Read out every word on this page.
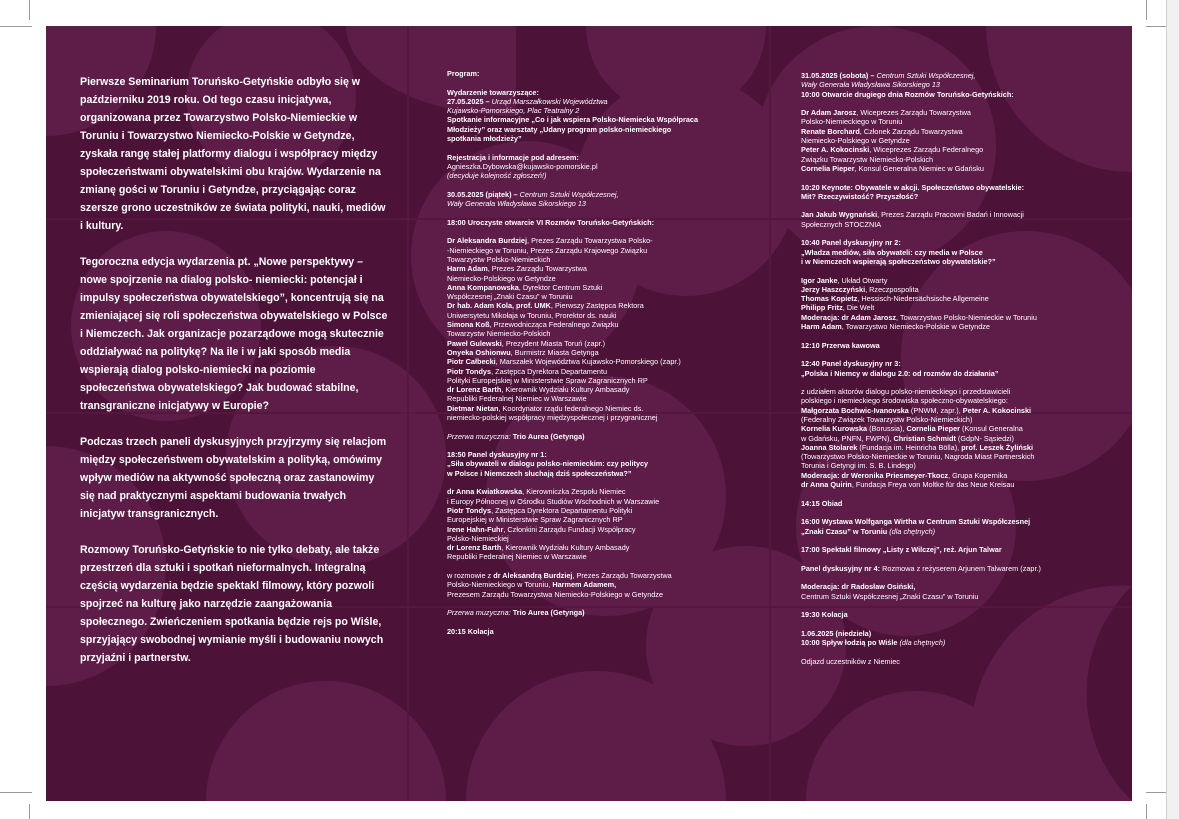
Pierwsze Seminarium Toruńsko-Getyńskie odbyło się w październiku 2019 roku. Od tego czasu inicjatywa, organizowana przez Towarzystwo Polsko-Niemieckie w Toruniu i Towarzystwo Niemiecko-Polskie w Getyndze, zyskała rangę stałej platformy dialogu i współpracy między społeczeństwami obywatelskimi obu krajów. Wydarzenie na zmianę gości w Toruniu i Getyndze, przyciągając coraz szersze grono uczestników ze świata polityki, nauki, mediów i kultury.

Tegoroczna edycja wydarzenia pt. „Nowe perspektywy – nowe spojrzenie na dialog polsko- niemiecki: potencjał i impulsy społeczeństwa obywatelskiego”, koncentrują się na zmieniającej się roli społeczeństwa obywatelskiego w Polsce i Niemczech. Jak organizacje pozarządowe mogą skutecznie oddziaływać na politykę? Na ile i w jaki sposób media wspierają dialog polsko-niemiecki na poziomie społeczeństwa obywatelskiego? Jak budować stabilne, transgraniczne inicjatywy w Europie?

Podczas trzech paneli dyskusyjnych przyjrzymy się relacjom między społeczeństwem obywatelskim a polityką, omówimy wpływ mediów na aktywność społeczną oraz zastanowimy się nad praktycznymi aspektami budowania trwałych inicjatyw transgranicznych.

Rozmowy Toruńsko-Getyńskie to nie tylko debaty, ale także przestrzeń dla sztuki i spotkań nieformalnych. Integralną częścią wydarzenia będzie spektakl filmowy, który pozwoli spojrzeć na kulturę jako narzędzie zaangażowania społecznego. Zwieńczeniem spotkania będzie rejs po Wiśle, sprzyjający swobodnej wymianie myśli i budowaniu nowych przyjaźni i partnerstw.

Program:
Wydarzenie towarzyszące:
27.05.2025 – Urząd Marszałkowski Województwa
Kujawsko-Pomorskiego, Plac Teatralny 2
Spotkanie informacyjne „Co i jak wspiera Polsko-Niemiecka Współpraca
Młodzieży” oraz warsztaty „Udany program polsko-niemieckiego
spotkania młodzieży”
Rejestracja i informacje pod adresem:
Agnieszka.Dybowska@kujawsko-pomorskie.pl
(decyduje kolejność zgłoszeń!)
30.05.2025 (piątek) – Centrum Sztuki Współczesnej,
Wały Generała Władysława Sikorskiego 13
18:00 Uroczyste otwarcie VI Rozmów Toruńsko-Getyńskich:
Dr Aleksandra Burdziej, Prezes Zarządu Towarzystwa Polsko-
-Niemieckiego w Toruniu, Prezes Zarządu Krajowego Związku
Towarzystw Polsko-Niemieckich
Harm Adam, Prezes Zarządu Towarzystwa
Niemiecko-Polskiego w Getyndze
Anna Kompanowska, Dyrektor Centrum Sztuki
Współczesnej „Znaki Czasu” w Toruniu
Dr hab. Adam Kola, prof. UMK, Pierwszy Zastępca Rektora
Uniwersytetu Mikołaja w Toruniu, Prorektor ds. nauki
Simona Koß, Przewodnicząca Federalnego Związku
Towarzystw Niemiecko-Polskich
Paweł Gulewski, Prezydent Miasta Toruń (zapr.)
Onyeka Oshionwu, Burmistrz Miasta Getynga
Piotr Całbecki, Marszałek Województwa Kujawsko-Pomorskiego (zapr.)
Piotr Tondys, Zastępca Dyrektora Departamentu
Polityki Europejskiej w Ministerstwie Spraw Zagranicznych RP
dr Lorenz Barth, Kierownik Wydziału Kultury Ambasady
Republiki Federalnej Niemiec w Warszawie
Dietmar Nietan, Koordynator rządu federalnego Niemiec ds.
niemiecko-polskiej współpracy międzyspołecznej i przygranicznej
Przerwa muzyczna: Trio Aurea (Getynga)
18:50 Panel dyskusyjny nr 1:
„Siła obywateli w dialogu polsko-niemieckim: czy politycy
w Polsce i Niemczech słuchają dziś społeczeństwa?”
dr Anna Kwiatkowska, Kierowniczka Zespołu Niemiec
i Europy Północnej w Ośrodku Studiów Wschodnich w Warszawie
Piotr Tondys, Zastępca Dyrektora Departamentu Polityki
Europejskiej w Ministerstwie Spraw Zagranicznych RP
Irene Hahn-Fuhr, Członkini Zarządu Fundacji Współpracy
Polsko-Niemieckiej
dr Lorenz Barth, Kierownik Wydziału Kultury Ambasady
Republiki Federalnej Niemiec w Warszawie
w rozmowie z dr Aleksandrą Burdziej, Prezes Zarządu Towarzystwa
Polsko-Niemieckiego w Toruniu, Harmem Adamem,
Prezesem Zarządu Towarzystwa Niemiecko-Polskiego w Getyndze
Przerwa muzyczna: Trio Aurea (Getynga)
20:15 Kolacja
31.05.2025 (sobota) – Centrum Sztuki Współczesnej,
Wały Generała Władysława Sikorskiego 13
10:00 Otwarcie drugiego dnia Rozmów Toruńsko-Getyńskich:
Dr Adam Jarosz, Wiceprezes Zarządu Towarzystwa
Polsko-Niemieckiego w Toruniu
Renate Borchard, Członek Zarządu Towarzystwa
Niemiecko-Polskiego w Getyndze
Peter A. Kokocinski, Wiceprezes Zarządu Federalnego
Związku Towarzystw Niemiecko-Polskich
Cornelia Pieper, Konsul Generalna Niemiec w Gdańsku
10:20 Keynote: Obywatele w akcji. Społeczeństwo obywatelskie:
Mit? Rzeczywistość? Przyszłość?
Jan Jakub Wygnański, Prezes Zarządu Pracowni Badań i Innowacji
Społecznych STOCZNIA
10:40 Panel dyskusyjny nr 2:
„Władza mediów, siła obywateli: czy media w Polsce
i w Niemczech wspierają społeczeństwo obywatelskie?”
Igor Janke, Układ Otwarty
Jerzy Haszczyński, Rzeczpospolita
Thomas Kopietz, Hessisch-Niedersächsische Allgemeine
Philipp Fritz, Die Welt
Moderacja: dr Adam Jarosz, Towarzystwo Polsko-Niemieckie w Toruniu
Harm Adam, Towarzystwo Niemiecko-Polskie w Getyndze
12:10 Przerwa kawowa
12:40 Panel dyskusyjny nr 3:
„Polska i Niemcy w dialogu 2.0: od rozmów do działania”
z udziałem aktorów dialogu polsko-niemieckiego i przedstawicieli
polskiego i niemieckiego środowiska społeczno-obywatelskiego:
Małgorzata Bochwic-Ivanovska (PNWM, zapr.), Peter A. Kokocinski
(Federalny Związek Towarzystw Polsko-Niemieckich)
Kornelia Kurowska (Borussia), Cornelia Pieper (Konsul Generalna
w Gdańsku, PNFN, FWPN), Christian Schmidt (GdpN- Sąsiedzi)
Joanna Stolarek (Fundacja im. Heinricha Bölla), prof. Leszek Żyliński
(Towarzystwo Polsko-Niemieckie w Toruniu, Nagroda Miast Partnerskich
Torunia i Getyngi im. S. B. Lindego)
Moderacja: dr Weronika Priesmeyer-Tkocz, Grupa Kopernika
dr Anna Quirin, Fundacja Freya von Moltke für das Neue Kreisau
14:15 Obiad
16:00 Wystawa Wolfganga Wirtha w Centrum Sztuki Współczesnej
„Znaki Czasu” w Toruniu (dla chętnych)
17:00 Spektakl filmowy „Listy z Wilczej”, reż. Arjun Talwar
Panel dyskusyjny nr 4: Rozmowa z reżyserem Arjunem Talwarem (zapr.)
Moderacja: dr Radosław Osiński,
Centrum Sztuki Współczesnej „Znaki Czasu” w Toruniu
19:30 Kolacja
1.06.2025 (niedziela)
10:00 Spływ łodzią po Wiśle (dla chętnych)
Odjazd uczestników z Niemiec
